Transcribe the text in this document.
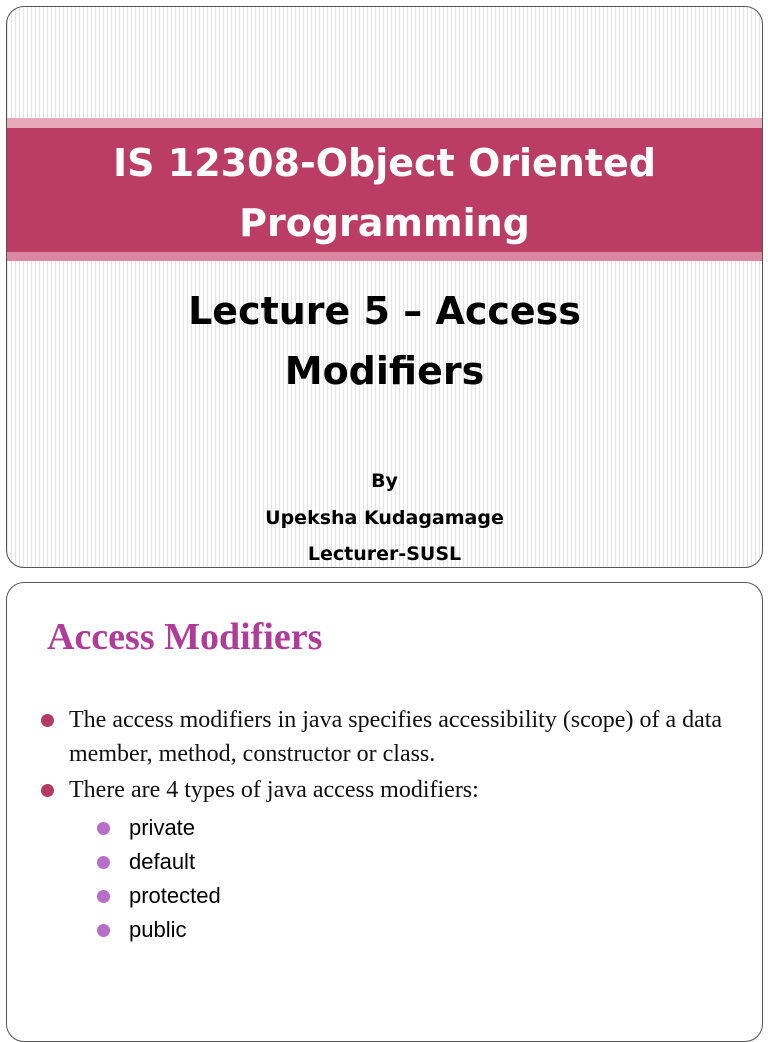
IS 12308-Object Oriented
Programming
Lecture 5 – Access
Modifiers

By

Upeksha Kudagamage

Lecturer-SUSL

Access Modifiers
The access modifiers in java specifies accessibility (scope) of a data member, method, constructor or class.
There are 4 types of java access modifiers:
private
default
protected
public
